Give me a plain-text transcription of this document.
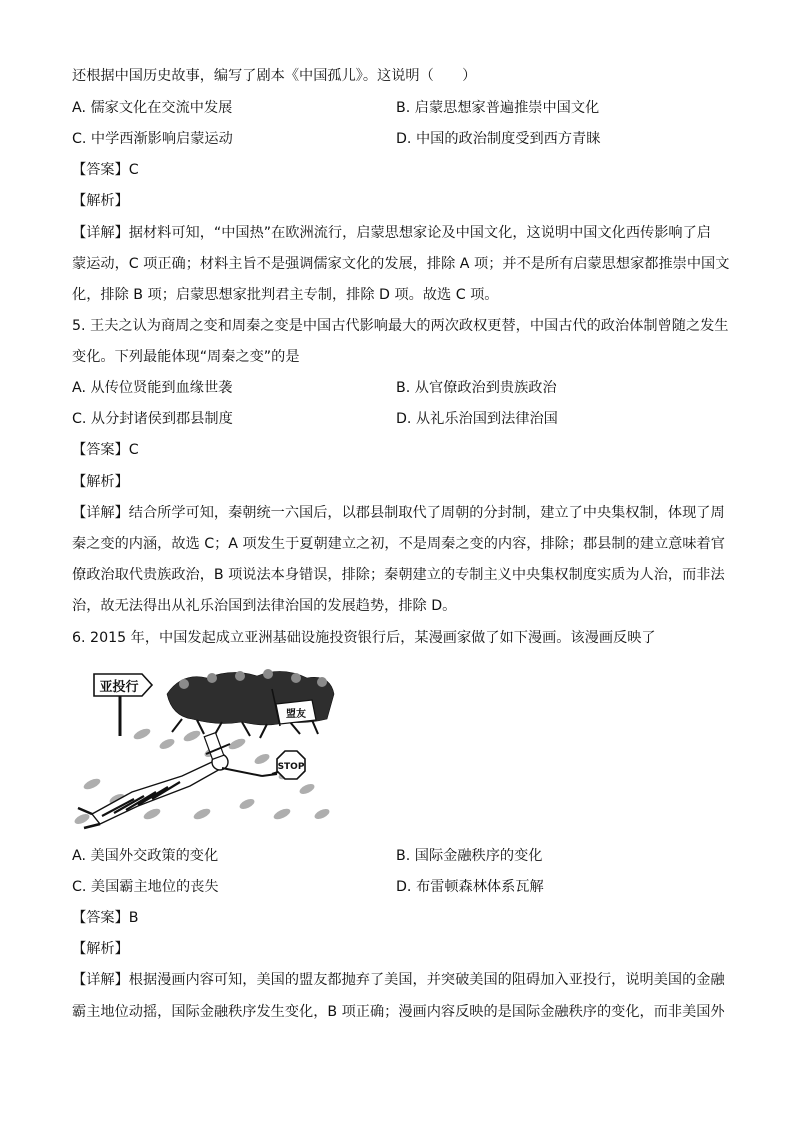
还根据中国历史故事，编写了剧本《中国孤儿》。这说明（　　）
A. 儒家文化在交流中发展	B. 启蒙思想家普遍推崇中国文化
C. 中学西渐影响启蒙运动	D. 中国的政治制度受到西方青睐
【答案】C
【解析】
【详解】据材料可知，“中国热”在欧洲流行，启蒙思想家论及中国文化，这说明中国文化西传影响了启
蒙运动，C 项正确；材料主旨不是强调儒家文化的发展，排除 A 项；并不是所有启蒙思想家都推崇中国文
化，排除 B 项；启蒙思想家批判君主专制，排除 D 项。故选 C 项。
5. 王夫之认为商周之变和周秦之变是中国古代影响最大的两次政权更替，中国古代的政治体制曾随之发生
变化。下列最能体现“周秦之变”的是
A. 从传位贤能到血缘世袭	B. 从官僚政治到贵族政治
C. 从分封诸侯到郡县制度	D. 从礼乐治国到法律治国
【答案】C
【解析】
【详解】结合所学可知，秦朝统一六国后，以郡县制取代了周朝的分封制，建立了中央集权制，体现了周
秦之变的内涵，故选 C；A 项发生于夏朝建立之初，不是周秦之变的内容，排除；郡县制的建立意味着官
僚政治取代贵族政治，B 项说法本身错误，排除；秦朝建立的专制主义中央集权制度实质为人治，而非法
治，故无法得出从礼乐治国到法律治国的发展趋势，排除 D。
6. 2015 年，中国发起成立亚洲基础设施投资银行后，某漫画家做了如下漫画。该漫画反映了
亚投行
盟友
STOP
A. 美国外交政策的变化	B. 国际金融秩序的变化
C. 美国霸主地位的丧失	D. 布雷顿森林体系瓦解
【答案】B
【解析】
【详解】根据漫画内容可知，美国的盟友都抛弃了美国，并突破美国的阻碍加入亚投行，说明美国的金融
霸主地位动摇，国际金融秩序发生变化，B 项正确；漫画内容反映的是国际金融秩序的变化，而非美国外
